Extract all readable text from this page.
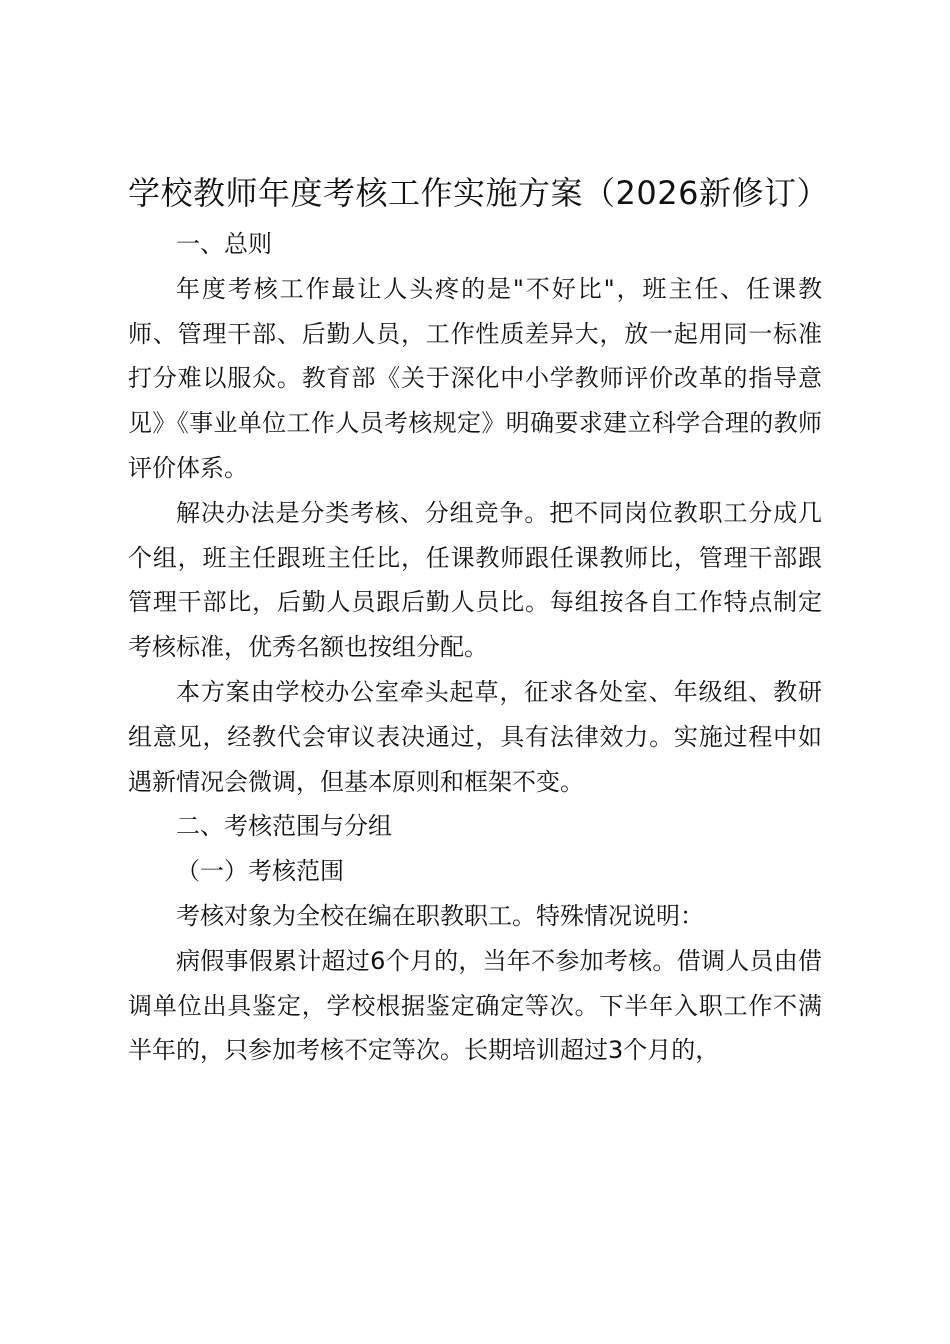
学校教师年度考核工作实施方案（2026新修订）

一、总则

年度考核工作最让人头疼的是"不好比"，班主任、任课教师、管理干部、后勤人员，工作性质差异大，放一起用同一标准打分难以服众。教育部《关于深化中小学教师评价改革的指导意见》《事业单位工作人员考核规定》明确要求建立科学合理的教师评价体系。

解决办法是分类考核、分组竞争。把不同岗位教职工分成几个组，班主任跟班主任比，任课教师跟任课教师比，管理干部跟管理干部比，后勤人员跟后勤人员比。每组按各自工作特点制定考核标准，优秀名额也按组分配。

本方案由学校办公室牵头起草，征求各处室、年级组、教研组意见，经教代会审议表决通过，具有法律效力。实施过程中如遇新情况会微调，但基本原则和框架不变。

二、考核范围与分组

（一）考核范围

考核对象为全校在编在职教职工。特殊情况说明：

病假事假累计超过6个月的，当年不参加考核。借调人员由借调单位出具鉴定，学校根据鉴定确定等次。下半年入职工作不满半年的，只参加考核不定等次。长期培训超过3个月的，
